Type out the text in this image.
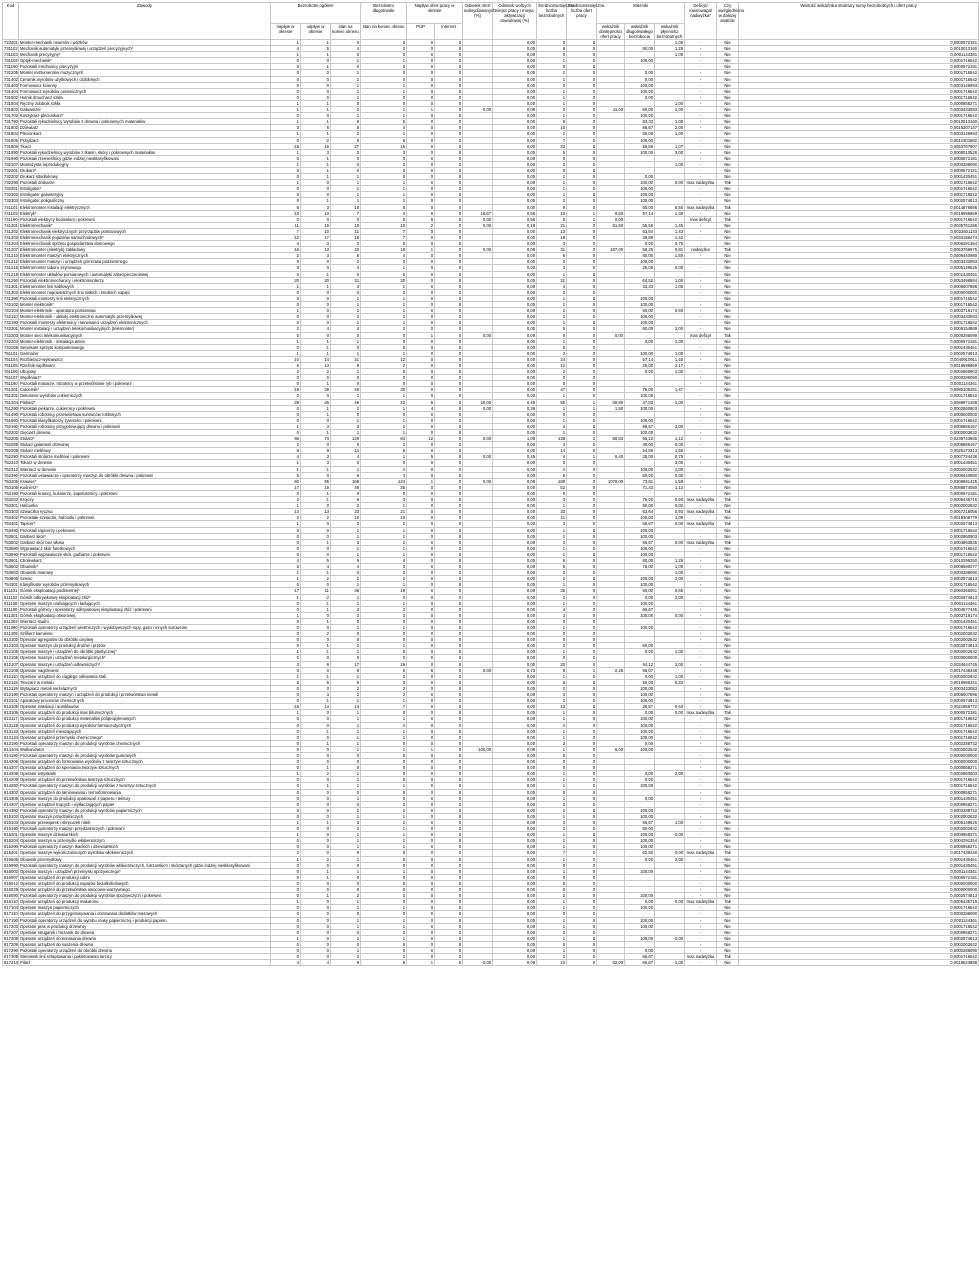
Kod	Zawody	Bezrobotni ogółem			Bezrobotni długotrwale	Napływ ofert pracy w okresie		Odsetek ofert subsydiowanych (%)	Odsetek wolnych miejsc pracy i miejsc aktywizacji zawodowej (%)	Średniomiesięczna liczba bezrobotnych	Średniomiesięczna liczba ofert pracy	Mierniki			Deficyt/ równowaga/ nadwyżka*	Czy uwzględniono w dalszej analizie	Wartość wskaźnika struktury sumy bezrobotnych i ofert pracy
		napływ w okresie	odpływ w okresie	stan na koniec okresu		PUP	Internet					wskaźnik dostępności ofert pracy	wskaźnik długotrwałego bezrobocia	wskaźnik płynności bezrobotnych			
					stan na koniec okresu												
723401	Monter-mechanik rowerów i wózków	1	1	0	0	0	0		0,00	0	0			1,00	-	Nie	0,0000572181
731102	Mechanik automatyki przemysłowej i urządzeń precyzyjnych*	4	5	4	2	0	0		0,00	6	0		50,00	1,25	-	Nie	0,0010013160
731103	Mechanik precyzyjny*	1	1	0	0	0	0		0,00	0	0			1,00	-	Nie	0,0001144361
731104	Optyk-mechanik*	0	0	1	1	0	0		0,00	1	0		100,00		-	Nie	0,0001716542
731190	Pozostali mechanicy precyzyjni	0	1	0	0	0	0		0,00	0	0				-	Nie	0,0000572181
731205	Monter instrumentów muzycznych	0	0	1	0	0	0		0,00	1	0		0,00		-	Nie	0,0001716542
731402	Ceramik wyrobów użytkowych i ozdobnych	0	0	1	0	0	0		0,00	1	0		0,00		-	Nie	0,0001716542
731403	Formowacz ścienny	0	0	1	1	0	0		0,00	2	0		100,00		-	Nie	0,0003146993
731404	Formowacz wyrobów ceramicznych	0	0	1	1	0	0		0,00	1	0		100,00		-	Nie	0,0001716542
731502	Hutnik dmuchacz szkła	0	0	1	0	0	0		0,00	1	0		0,00		-	Nie	0,0001716542
731504	Ręczny zdobnik szkła	1	1	0	0	0	0		0,00	1	0			1,00	-	Nie	0,0000858271
731602	Galwanizer	1	1	2	1	1	0	0,00	0,09	2	0	11,00	50,00	1,00	-	Nie	0,0003433083
731702	Koszykarz-plecionkarz*	0	0	1	1	0	0		0,00	1	0		100,00		-	Nie	0,0001716542
731790	Pozostali rękodzielnicy wyrobów z drewna i pokrewnych materiałów	1	1	6	5	0	0		0,00	6	0		83,33	1,00	-	Nie	0,0010013160
731802	Dziewiarz	3	6	6	4	0	0		0,00	10	0		66,67	2,00	-	Nie	0,0016307147
731804	Plecionkarz	1	1	2	1	0	0		0,00	2	0		50,00	1,00	-	Nie	0,0003146993
731805	Prządzarz	0	2	6	6	0	0		0,00	7	0		100,00		-	Nie	0,0012301882
731806	Tkacz	15	16	27	15	0	0		0,00	33	0		55,56	1,07	-	Nie	0,0053767607
731890	Pozostali rękodzielnicy wyrobów z tkanin, skóry i pokrewnych materiałów	1	3	3	3	0	0		0,00	5	0		100,00	3,00	-	Nie	0,0008010528
731990	Pozostali rzemieślnicy gdzie indziej niesklasyfikowani	0	1	0	0	0	0		0,00	0	0				-	Nie	0,0000572181
732107	Montażysta reprodukcyjny	1	1	0	0	0	0		0,00	0	0			1,00	-	Nie	0,0000286090
732201	Drukarz*	0	1	0	0	0	0		0,00	0	0				-	Nie	0,0000572181
732202	Drukarz sitodrukowy	0	1	1	0	0	0		0,00	1	0		0,00		-	Nie	0,0001430451
732290	Pozostali drukarze	1	0	1	1	0	0		0,00	1	0		100,00	0,00	max nadwyżka	Tak	0,0001716542
732301	Introligator*	0	0	1	1	0	0		0,00	1	0		100,00		-	Nie	0,0001716542
732302	Introligator galanteryjny	0	0	1	1	0	0		0,00	1	0		100,00		-	Nie	0,0001716542
732303	Introligator poligraficzny	0	1	1	1	0	0		0,00	2	0		100,00		-	Nie	0,0002574813
741101	Elektromonter instalacji elektrycznych	6	3	10	6	0	0		0,00	9	0		60,00	0,50	max nadwyżka	Tak	0,0014876695
741103	Elektryk*	10	13	7	4	6	0	16,67	0,55	10	1	9,83	57,14	1,30	-	Nie	0,0018595869
741190	Pozostali elektrycy budowlani i pokrewni	0	0	0	0	6	0	0,00	0,55	0	1	0,00			max deficyt	Tak	0,0001716542
741201	Elektromechanik*	11	16	18	10	2	0	0,00	0,18	21	0	61,50	55,56	1,45	-	Nie	0,0035761286
741202	Elektromechanik elektrycznych przyrządów pomiarowych	7	10	11	7	0	0		0,00	13	0		63,64	1,43	-	Nie	0,0022601133
741203	Elektromechanik pojazdów samochodowych*	12	17	18	7	0	0		0,00	19	0		38,89	1,42	-	Nie	0,0033186474
741204	Elektromechanik sprzętu gospodarstwa domowego	4	3	2	0	0	0		0,00	3	0		0,00	0,75	-	Nie	0,0006291354
741207	Elektromonter (elektryk) zakładowy	16	13	32	18	1	0	0,00	0,09	31	0	187,00	56,25	0,81	nadwyżka	Tak	0,0053766975
741210	Elektromonter maszyn elektrycznych	2	3	5	4	0	0		0,00	6	0		80,00	1,50	-	Nie	0,0009440980
741212	Elektromonter maszyn i urządzeń górnictwa podziemnego	0	0	2	2	0	0		0,00	2	0		100,00		-	Nie	0,0003433083
741216	Elektromonter taboru szynowego	3	0	4	1	0	0		0,00	3	0		25,00	0,00	-	Nie	0,0005149625
741218	Elektromonter układów pomiarowych i automatyki zabezpieczeniowej	0	1	0	0	0	0		0,00	1	0				-	Nie	0,0001430451
741290	Pozostali elektromechanicy i elektromonterzy	20	20	31	20	0	0		0,00	31	0		64,52	1,00	-	Nie	0,0053498884
741301	Elektromonter linii kablowych	1	1	3	1	0	0		0,00	4	0		33,33	1,00	-	Nie	0,0006007896
741303	Elektromonter napowietrznych linii niskich i średnich napięć	0	0	0	0	0	0		0,00	0	0				-	Nie	0,0000000000
741390	Pozostali monterzy linii elektrycznych	0	0	1	1	0	0		0,00	1	0		100,00		-	Nie	0,0001716542
742102	Monter elektronik*	0	0	1	1	0	0		0,00	1	0		100,00		-	Nie	0,0001716542
742104	Monter-elektronik - aparatura pomiarowa	1	0	2	1	0	0		0,00	2	0		50,00	0,50	-	Nie	0,0003719174
742110	Monter-elektronik - układy elektroniczne automatyki przemysłowej	0	0	2	2	0	0		0,00	2	0		100,00		-	Nie	0,0003433083
742190	Pozostali monterzy elektronicy i serwisanci urządzeń elektronicznych	0	0	1	1	0	0		0,00	1	0		100,00		-	Nie	0,0001716542
742201	Monter instalacji i urządzeń telekomunikacyjnych (telemonter)	2	4	4	2	0	0		0,00	5	0		50,00	2,00	-	Nie	0,0009154889
742203	Monter sieci telekomunikacyjnych	0	0	0	0	1	0	0,00	0,09	0	0	0,00			max deficyt	Tak	0,0000286090
742204	Monter-elektronik - instalacja anten	1	1	1	0	0	0		0,00	1	0		0,00	1,00	-	Nie	0,0000572181
742208	Serwisant sprzętu komputerowego	0	1	0	0	0	0		0,00	0	0				-	Nie	0,0001430451
751101	Garmażer	1	1	1	1	0	0		0,00	2	0		100,00	1,00	-	Nie	0,0002574813
751104	Rozbieracz-wykrawacz	10	14	21	12	0	0		0,00	24	0		57,14	1,40	-	Nie	0,0040910911
751105	Rzeźnik-wędliniarz	6	13	8	2	0	0		0,00	11	0		25,00	2,17	-	Nie	0,0018595869
751106	Ubojowy	2	2	1	0	0	0		0,00	2	0		0,00	1,00	-	Nie	0,0002860903
751107	Wędliniarz*	0	0	0	0	0	0		0,00	0	0				-	Nie	0,0000286090
751190	Pozostali masarze, robotnicy w przetwórstwie ryb i pokrewni	0	1	0	0	0	0		0,00	0	0				-	Nie	0,0001144361
751201	Cukiernik*	19	28	40	30	0	0		0,00	47	0		75,00	1,47	-	Nie	0,0080105281
751202	Dekorator wyrobów cukierniczych	0	0	1	1	0	0		0,00	1	0		100,00		-	Nie	0,0001716542
751204	Piekarz*	26	26	46	22	5	0	20,00	0,45	50	1	59,80	47,83	1,00	-	Nie	0,0086971488
751290	Pozostali piekarze, cukiernicy i pokrewni	0	1	2	1	4	0	0,00	0,36	1	1	1,50	100,00		-	Nie	0,0002860903
751490	Pozostali robotnicy przetwórstwa surowców roślinnych	0	1	0	0	0	0		0,00	0	0				-	Nie	0,0000000000
751590	Pozostali klasyfikatorzy żywności i pokrewni	0	0	1	1	0	0		0,00	1	0		100,00		-	Nie	0,0001716542
752190	Pozostali robotnicy przygotowujący drewno i pokrewni	1	3	3	2	0	0		0,00	4	0		66,67	3,00	-	Nie	0,0006866167
752202	Gięciarz drewna	0	1	1	1	0	0		0,00	1	0		100,00		-	Nie	0,0002002632
752205	Stolarz*	66	74	129	84	12	0	0,00	1,09	138	2	68,83	65,12	1,12	-	Nie	0,0239743665
752206	Stolarz galanterii drzewnej	2	0	5	2	0	0		0,00	4	0		40,00	0,00	-	Nie	0,0008866167
752208	Stolarz meblowy	6	9	11	6	0	0		0,00	14	0		54,55	1,50	-	Nie	0,0025173313
752290	Pozostali stolarze meblowi i pokrewni	4	3	4	1	5	0	0,00	0,45	4	1	6,40	25,00	0,75	-	Nie	0,0007724438
752310	Tokarz w drewnie	1	3	0	0	0	0		0,00	0	0			3,00	-	Nie	0,0001430451
752312	Wiertacz w drewnie	1	1	1	1	0	0		0,00	1	0		100,00	1,00	-	Nie	0,0002002632
752390	Pozostali ustawiacze i operatorzy maszyn do obróbki drewna i pokrewni	5	0	8	4	0	0		0,00	6	0		50,00	0,00	-	Nie	0,0009440980
753105	Krawiec*	60	95	168	124	1	0	0,00	0,09	180	0	1078,00	73,81	1,58	-	Nie	0,0308691425
753106	Kuśnierz*	17	19	49	35	0	0		0,00	52	0		71,43	1,12	-	Nie	0,0088974080
753190	Pozostali krawcy, kuśnierze, kapelusznicy i pokrewni	0	1	0	0	0	0		0,00	0	0				-	Nie	0,0000572181
753202	Krojczy	2	1	8	3	0	0		0,00	3	0		75,00	0,50	max nadwyżka	Tak	0,0005435716
753301	Hafciarka	1	0	2	1	0	0		0,00	1	0		50,00	0,00	-	Nie	0,0002002632
753303	Szwaczka ręczna	14	13	33	21	0	0		0,00	33	0		63,64	0,93	max nadwyżka	Tak	0,0057218056
753402	Pozostałe szwaczki, hafciarki i pokrewni	2	2	10	10	0	0		0,00	11	0		100,00	1,00	-	Nie	0,0018309779
753402	Tapicer*	1	0	3	2	0	0		0,00	3	0		66,67	0,00	max nadwyżka	Tak	0,0002574813
753490	Pozostali tapicerzy i pokrewni	0	0	1	1	0	0		0,00	1	0		100,00		-	Nie	0,0001716542
753501	Garbarz skór*	0	0	1	1	0	0		0,00	1	0		100,00		-	Nie	0,0002860903
753502	Garbarz skór bez włosa	0	1	3	2	0	0		0,00	3	0		66,67	0,00	max nadwyżka	Tak	0,0004863535
753590	Wyprawiacz skór futerkowych	0	0	1	1	0	0		0,00	1	0		100,00		-	Nie	0,0001716542
753590	Pozostali wyprawiacze skór, garbarze i pokrewni	0	0	1	1	0	0		0,00	1	0		100,00		-	Nie	0,0001716542
753601	Cholewkarz	4	5	5	4	0	0		0,00	6	0		80,00	1,25	-	Nie	0,0010299250
753602	Obuwnik*	2	4	4	3	0	0		0,00	5	0		75,00	1,00	-	Nie	0,0008580077
753603	Obuwnik miarowy	1	1	0	0	0	0		0,00	0	0			1,00	-	Nie	0,0000286090
753606	Szewc	1	2	2	2	0	0		0,00	2	0		100,00	2,00	-	Nie	0,0002574813
754301	Klasyfikator wyrobów przemysłowych	0	0	1	1	0	0		0,00	1	0		100,00		-	Nie	0,0001716542
811101	Górnik eksploatacji podziemnej*	17	11	36	19	0	0		0,00	35	0		50,00	0,65	-	Nie	0,0060365051
811102	Górnik odkrywkowej eksploatacji złóż*	1	2	1	0	0	0		0,00	2	0		0,00	2,00	-	Nie	0,0002574813
811108	Operator maszyn urabiających i ładujących	0	1	1	1	0	0		0,00	1	0		100,00		-	Nie	0,0001144361
811190	Pozostali górnicy i operatorzy odkrywkowej eksploatacji złóż i pokrewni	0	1	3	2	0	0		0,00	4	0		66,67		-	Nie	0,0004577445
811301	Górnik eksploatacji otworowej	1	0	2	2	0	0		0,00	2	0		100,00	0,00	-	Nie	0,0003719174
811304	Wiertacz studni	0	1	0	0	0	0		0,00	0	0				-	Nie	0,0001430451
811390	Pozostali operatorzy urządzeń wiertniczych i wydobywczych ropy, gazu i innych surowców	0	0	1	1	0	0		0,00	1	0		100,00		-	Nie	0,0001716542
811405	Szlifierz kamienia	0	2	0	0	0	0		0,00	0	0				-	Nie	0,0002002632
812102	Operator agregatów do obróbki cieplnej	0	0	0	0	0	0		0,00	0	0				-	Nie	0,0002002632
812103	Operator maszyn do produkcji drutów i prętów	0	1	2	1	0	0		0,00	2	0		50,00		-	Nie	0,0002574813
812105	Operator maszyn i urządzeń do obróbki plastycznej*	1	1	1	0	0	0		0,00	1	0		0,00	1,00	-	Nie	0,0002002632
812106	Operator maszyn i urządzeń metalurgicznych*	0	0	0	0	0	0		0,00	0	0				-	Nie	0,0000000000
812107	Operator maszyn i urządzeń odlewniczych*	3	6	17	16	0	0		0,00	20	0		94,12	2,00	-	Nie	0,0034644745
812108	Operator nagrzewnic	0	0	9	6	8	0	0,00	0,73	9	1	2,25	66,67		-	Nie	0,0017438348
812110	Operator urządzeń do ciągłego odlewania stali	1	1	1	0	0	0		0,00	1	0		0,00	1,00	-	Nie	0,0002002632
812118	Tłoczarz w metalu	5	5	6	3	0	0		0,00	6	0		50,00	0,33	-	Nie	0,0010585341
812119	Wytapiacz metali nieżelaznych	0	0	2	2	0	0		0,00	2	0		100,00		-	Nie	0,0003433083
812190	Pozostali operatorzy maszyn i urządzeń do produkcji i przetwórstwa metali	0	3	2	2	0	0		0,00	4	0		100,00		-	Nie	0,0006007896
813101	Aparatowy procesów chemicznych	0	1	1	1	0	0		0,00	2	0		100,00		-	Nie	0,0002574813
813105	Operator instalacji i autoklawów	16	14	14	7	0	0		0,00	13	0		28,57	0,63	-	Nie	0,0021856772
813106	Operator urządzeń do produkcji mas bitumicznych	1	0	1	0	0	0		0,00	1	0		0,00	0,00	max nadwyżka	Tak	0,0000572181
813117	Operator urządzeń do produkcji materiałów polipropylenowych	0	0	1	1	0	0		0,00	1	0		100,00		-	Nie	0,0001716542
813128	Operator urządzeń do produkcji wyrobów farmaceutycznych	0	0	1	1	0	0		0,00	1	0		100,00		-	Nie	0,0001716542
813133	Operator urządzeń mieszających	0	1	1	1	0	0		0,00	1	0		100,00		-	Nie	0,0001716542
813134	Operator urządzeń przemysłu chemicznego*	0	0	1	1	0	0		0,00	1	0		100,00		-	Nie	0,0001716542
813190	Pozostali operatorzy maszyn do produkcji wyrobów chemicznych	0	1	1	0	0	0		0,00	2	0		0,00		-	Nie	0,0002288722
814104	Wulkanizator	0	0	1	1	1	0	100,00	0,09	1	0	6,00	100,00		-	Nie	0,0002002632
814190	Pozostali operatorzy maszyn do produkcji wyrobów gumowych	0	0	0	0	0	0		0,00	0	0				-	Nie	0,0000000000
814206	Operator urządzeń do formowania wyrobów z tworzyw sztucznych	0	0	0	0	0	0		0,00	0	0				-	Nie	0,0000000000
814207	Operator urządzeń do spieniania tworzyw sztucznych	0	1	0	0	0	0		0,00	0	0				-	Nie	0,0000858271
814208	Operator wtryskarki	1	2	1	0	0	0		0,00	1	0		0,00	2,00	-	Nie	0,0002860903
814209	Operator urządzeń do przetwórstwa tworzyw sztucznych	0	0	1	0	0	0		0,00	1	0		0,00		-	Nie	0,0001716542
814290	Pozostali operatorzy maszyn do produkcji wyrobów z tworzyw sztucznych	0	1	1	1	0	0		0,00	1	0		100,00		-	Nie	0,0001716542
814302	Operator urządzeń do laminowania i termoformowania	0	0	0	0	0	0		0,00	0	0				-	Nie	0,0000858271
814305	Operator maszyn do produkcji opakowań z papieru i tektury	0	0	1	0	0	0		0,00	1	0		0,00		-	Nie	0,0001430451
814307	Operator urządzeń tnących i wytłaczających papier	0	0	0	0	0	0		0,00	0	0				-	Nie	0,0000858271
814390	Pozostali operatorzy maszyn do produkcji wyrobów papierniczych	0	0	2	2	0	0		0,00	2	0		100,00		-	Nie	0,0002288722
815102	Operator maszyn przędzalniczych	0	0	1	1	0	0		0,00	1	0		100,00		-	Nie	0,0002002632
815103	Operator przewijarek i skręcarek nitek	1	1	3	2	0	0		0,00	3	0		66,67	1,00	-	Nie	0,0005149625
815190	Pozostali operatorzy maszyn przędzalniczych i pokrewni	0	0	2	1	0	0		0,00	2	0		50,00		-	Nie	0,0002002632
815201	Operator maszyn dziewiarskich	1	0	1	1	0	0		0,00	1	0		100,00	0,00	-	Nie	0,0000858271
815204	Operator maszyn w przemyśle włókienniczym	0	0	1	1	0	0		0,00	1	0		100,00		-	Nie	0,0004291354
815290	Pozostali operatorzy maszyn tkackich i dziewiarskich	0	0	1	1	0	0		0,00	1	0		100,00		-	Nie	0,0000858271
815401	Operator maszyn wykończalniczych wyrobów włókienniczych	2	0	8	5	0	0		0,00	7	0		62,50	0,00	max nadwyżka	Tak	0,0017438348
815605	Obuwnik przemysłowy	1	2	1	0	0	0		0,00	1	0		0,00	2,00	-	Nie	0,0001430451
815990	Pozostali operatorzy maszyn do produkcji wyrobów włókienniczych, futrzarskich i skórzanych gdzie indziej niesklasyfikowani	0	0	0	0	0	0		0,00	0	0				-	Nie	0,0001430451
816003	Operator maszyn i urządzeń przemysłu spożywczego*	0	1	1	1	0	0		0,00	1	0		100,00		-	Nie	0,0001144361
816007	Operator urządzeń do produkcji cukru	0	1	0	0	0	0		0,00	0	0				-	Nie	0,0000572181
816012	Operator urządzeń do produkcji napojów bezalkoholowych	0	0	0	0	0	0		0,00	0	0				-	Nie	0,0000000000
816029	Operator urządzeń do przetwórstwa owocowo-warzywnego	0	0	0	0	0	0		0,00	0	0				-	Nie	0,0000000000
816090	Pozostali operatorzy maszyn do produkcji wyrobów spożywczych i pokrewni	0	1	2	2	0	0		0,00	2	0		100,00		-	Nie	0,0002574813
816110	Operator urządzeń do produkcji makaronu	1	0	1	0	0	0		0,00	1	0		0,00	0,00	max nadwyżka	Tak	0,0005435716
817104	Operator maszyn papierniczych	0	0	1	1	0	0		0,00	1	0		100,00		-	Nie	0,0001716542
817110	Operator urządzeń do przygotowywania i dozowania dodatków masowych	0	0	0	0	0	0		0,00	0	0				-	Nie	0,0000286090
817190	Pozostali operatorzy urządzeń do wyrobu masy papierniczej i produkcji papieru	0	0	1	1	0	0		0,00	1	0		100,00		-	Nie	0,0001144361
817203	Operator pras w produkcji drzewnej	0	0	1	1	0	0		0,00	1	0		100,00		-	Nie	0,0001716542
817207	Operator strugarek i frezarek do drewna	0	0	0	0	0	0		0,00	0	0				-	Nie	0,0000858271
817208	Operator urządzeń do korowania drewna	1	0	1	1	0	0		0,00	1	0		100,00	0,00	-	Nie	0,0002574813
817209	Operator urządzeń do suszenia drewna	0	0	0	0	0	0		0,00	0	0				-	Nie	0,0002002632
817290	Pozostali operatorzy urządzeń do obróbki drewna	0	0	1	0	0	0		0,00	1	0		0,00		-	Nie	0,0000286090
817309	Sterownik linii sztaplowania i pakietowania tarcicy	0	0	2	2	0	0		0,00	2	0		66,67		max nadwyżka	Tak	0,0001716542
817210	Pilarz	4	4	9	6	1	0	0,00	0,09	10	0	62,00	66,67	1,00	-	Nie	0,0016623888
